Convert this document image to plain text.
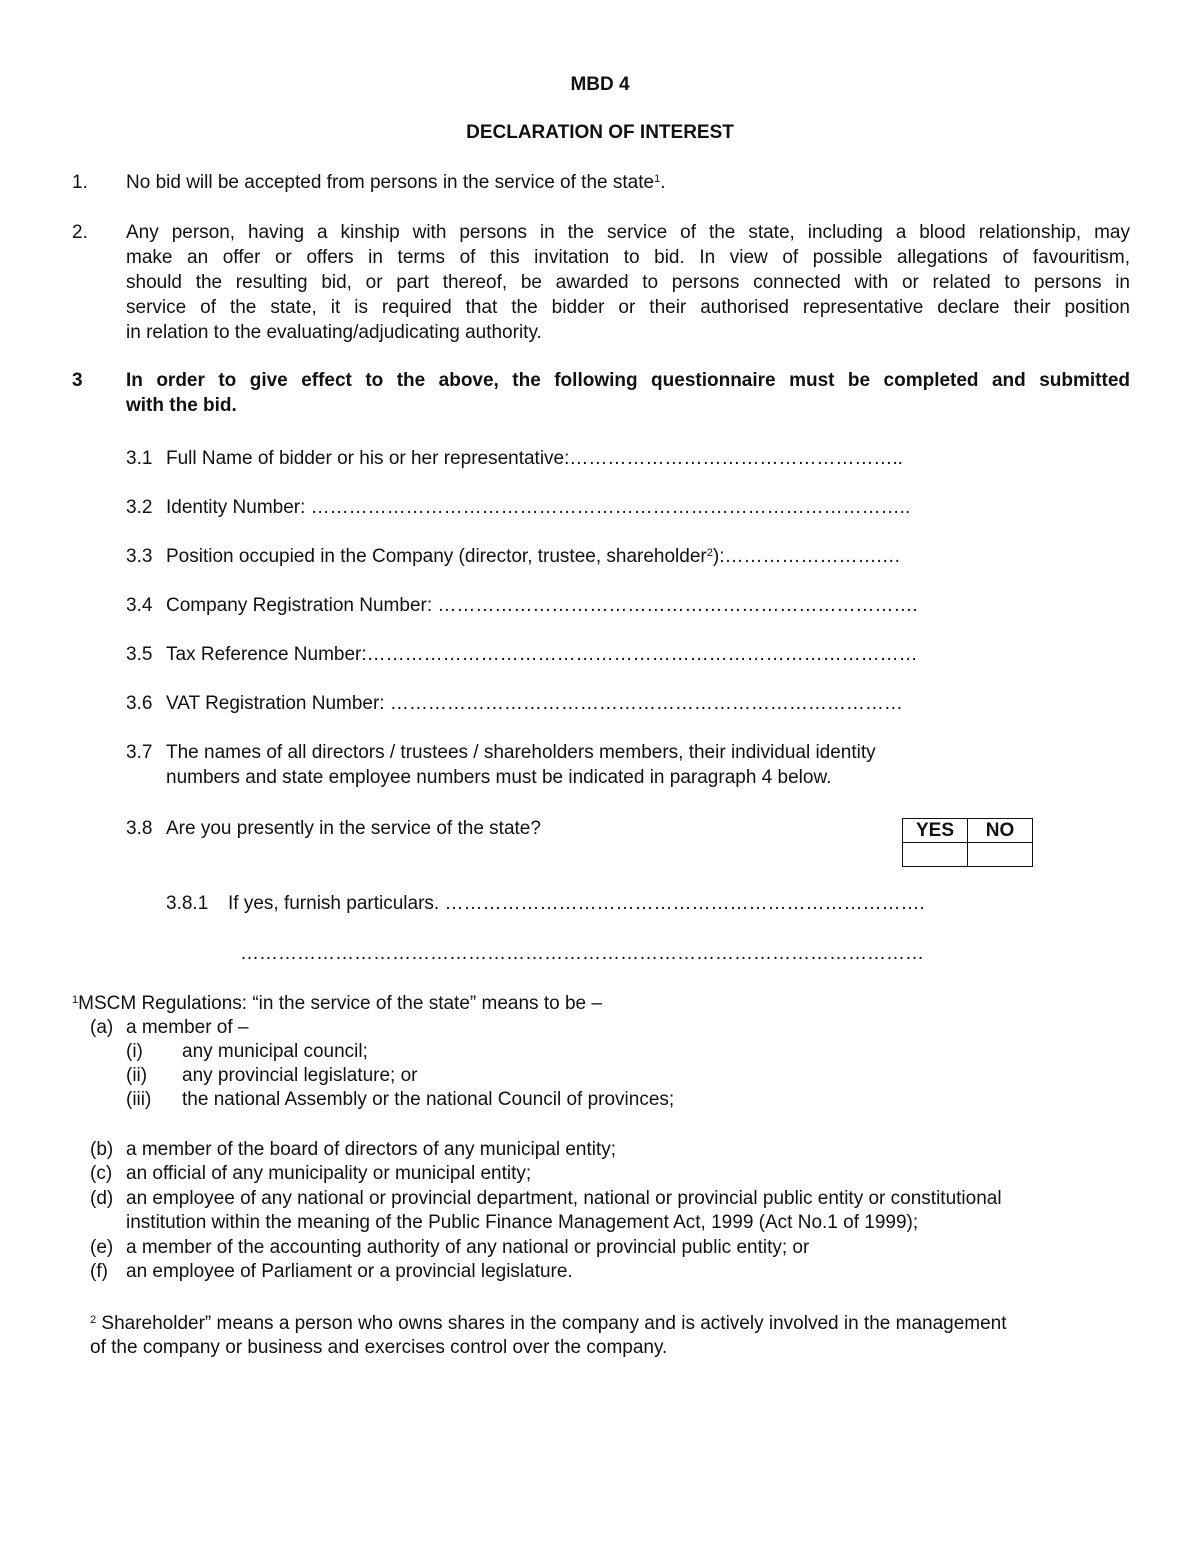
MBD 4
DECLARATION OF INTEREST
1. No bid will be accepted from persons in the service of the state$^1$.
2. Any person, having a kinship with persons in the service of the state, including a blood relationship, may
make an offer or offers in terms of this invitation to bid. In view of possible allegations of favouritism,
should the resulting bid, or part thereof, be awarded to persons connected with or related to persons in
service of the state, it is required that the bidder or their authorised representative declare their position
in relation to the evaluating/adjudicating authority.
3 In order to give effect to the above, the following questionnaire must be completed and submitted
with the bid.
3.1 Full Name of bidder or his or her representative:……………………………………………..
3.2 Identity Number: …………………………………………………………………………………..
3.3 Position occupied in the Company (director, trustee, shareholder$^2$):…………………….…
3.4 Company Registration Number: ………………………………………………………………….
3.5 Tax Reference Number:……………………………………………………………………………
3.6 VAT Registration Number: ………………………………………………………………………
3.7 The names of all directors / trustees / shareholders members, their individual identity
numbers and state employee numbers must be indicated in paragraph 4 below.
3.8 Are you presently in the service of the state?	YES	NO

3.8.1 If yes, furnish particulars. ………………………………………………………………….
………………………………………………………………………………………………
$^1$MSCM Regulations: “in the service of the state” means to be –
(a) a member of –
(i) any municipal council;
(ii) any provincial legislature; or
(iii) the national Assembly or the national Council of provinces;
(b) a member of the board of directors of any municipal entity;
(c) an official of any municipality or municipal entity;
(d) an employee of any national or provincial department, national or provincial public entity or constitutional
institution within the meaning of the Public Finance Management Act, 1999 (Act No.1 of 1999);
(e) a member of the accounting authority of any national or provincial public entity; or
(f) an employee of Parliament or a provincial legislature.
$^2$ Shareholder” means a person who owns shares in the company and is actively involved in the management
of the company or business and exercises control over the company.
